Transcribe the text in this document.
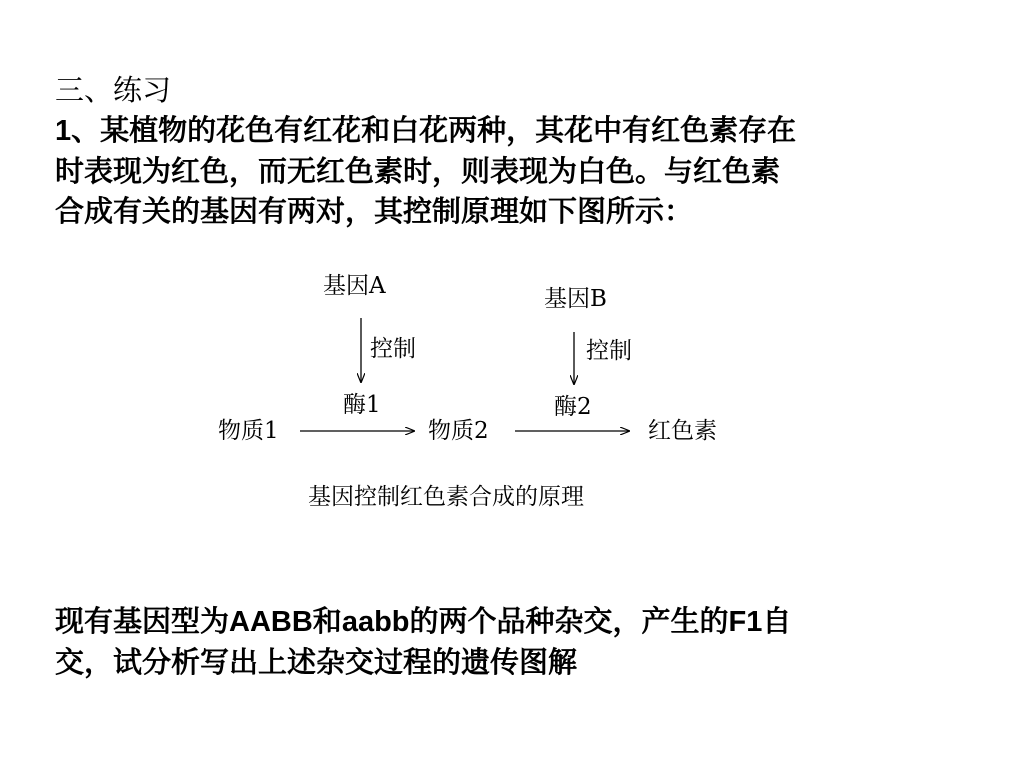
三、练习
1、某植物的花色有红花和白花两种，其花中有红色素存在
时表现为红色，而无红色素时，则表现为白色。与红色素
合成有关的基因有两对，其控制原理如下图所示：
基因A	基因B
控制	控制
酶1	酶2
物质1	物质2	红色素
基因控制红色素合成的原理
现有基因型为AABB和aabb的两个品种杂交，产生的F1自
交，试分析写出上述杂交过程的遗传图解
